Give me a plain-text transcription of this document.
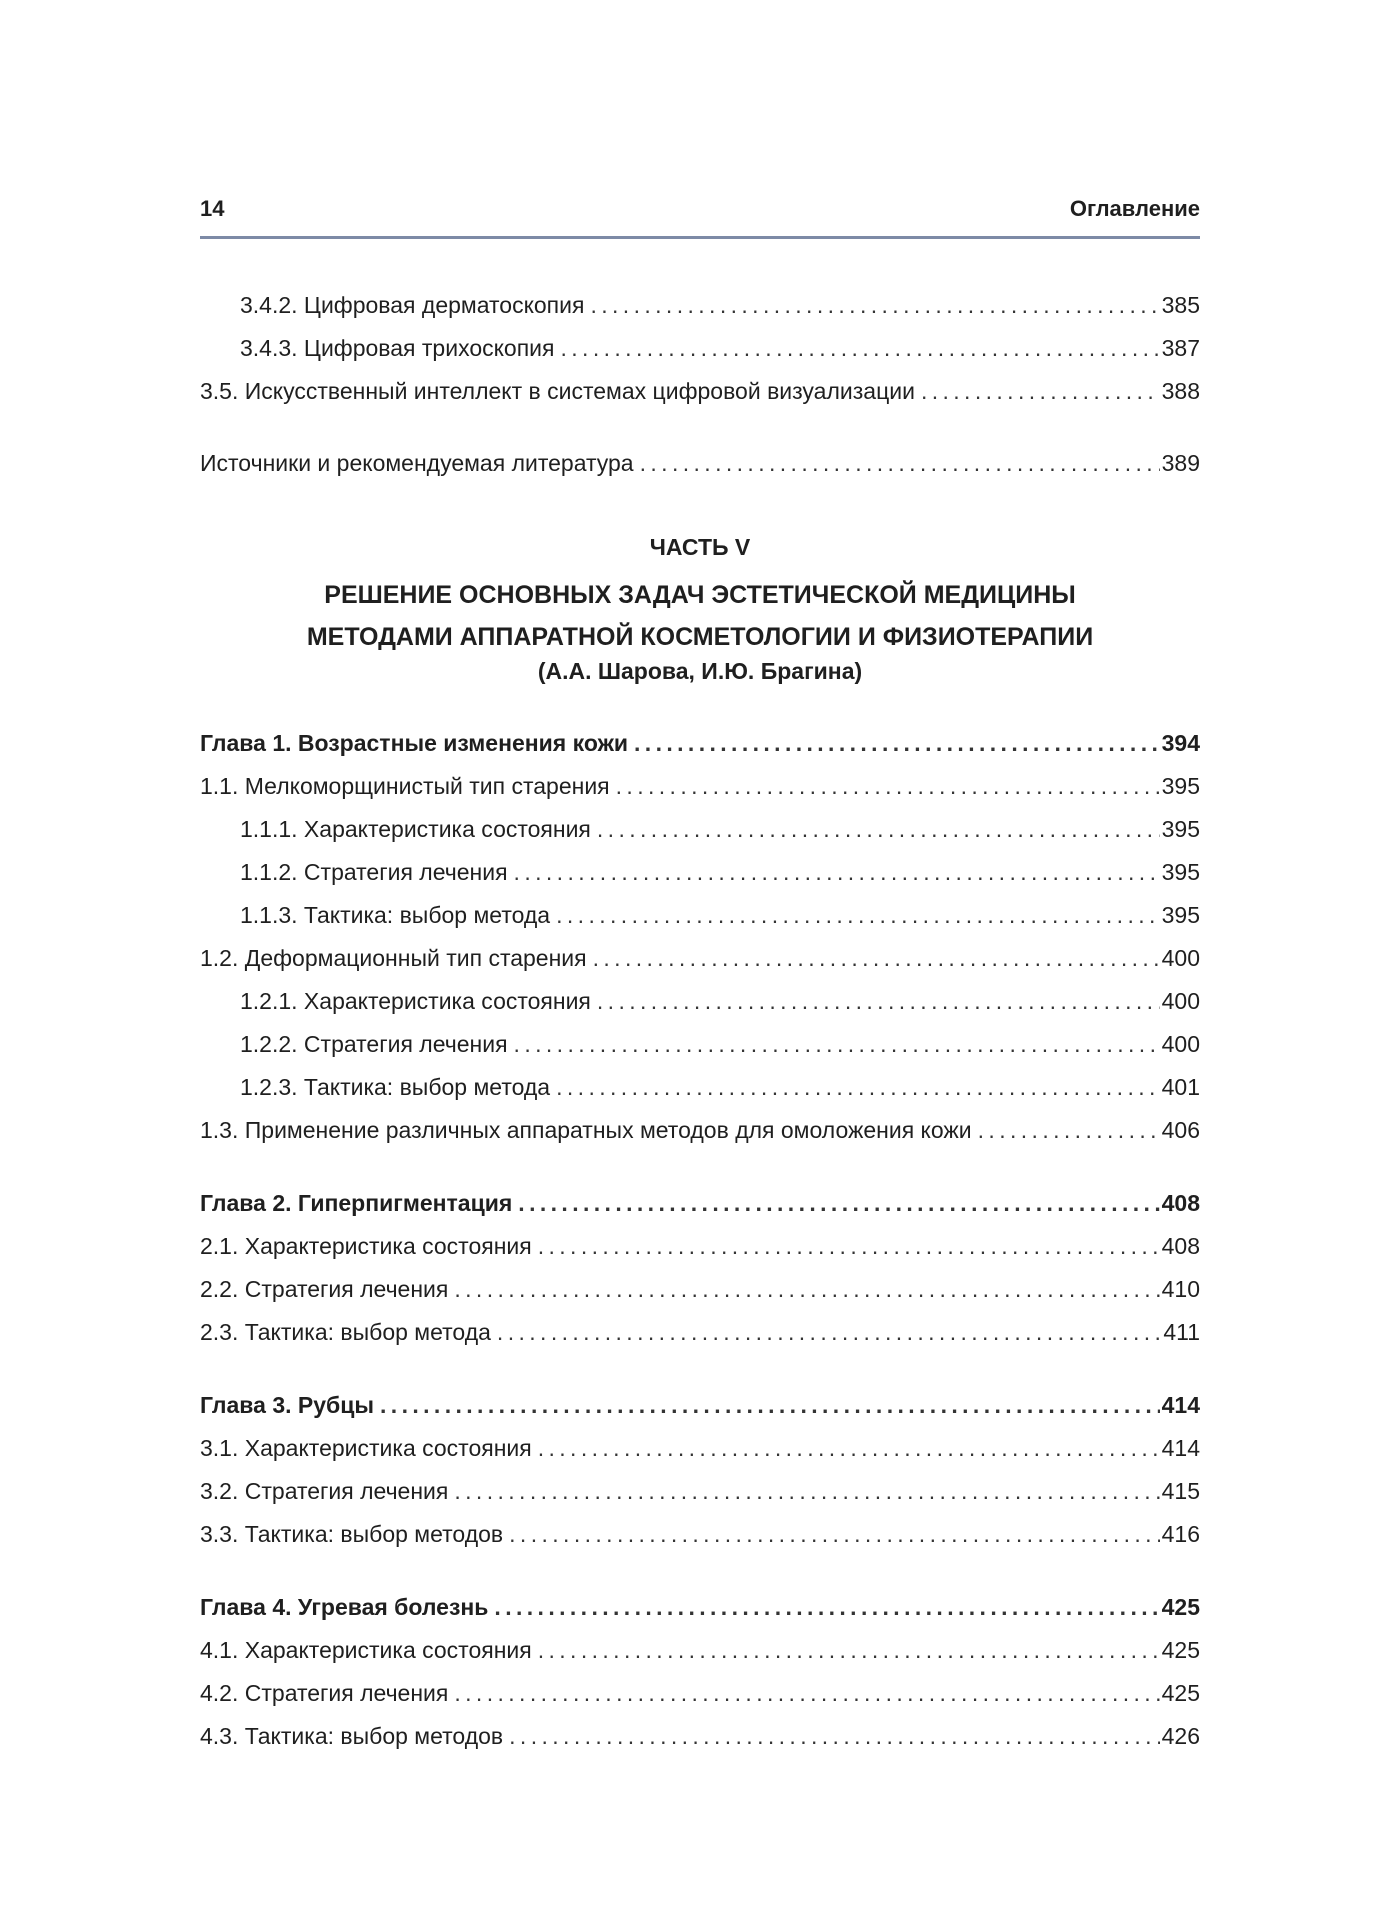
14	Оглавление
3.4.2. Цифровая дерматоскопия . . .	385
3.4.3. Цифровая трихоскопия . . .	387
3.5. Искусственный интеллект в системах цифровой визуализации . . .	388
Источники и рекомендуемая литература . . .	389
ЧАСТЬ V
РЕШЕНИЕ ОСНОВНЫХ ЗАДАЧ ЭСТЕТИЧЕСКОЙ МЕДИЦИНЫ
МЕТОДАМИ АППАРАТНОЙ КОСМЕТОЛОГИИ И ФИЗИОТЕРАПИИ
(А.А. Шарова, И.Ю. Брагина)
Глава 1. Возрастные изменения кожи . . .	394
1.1. Мелкоморщинистый тип старения . . .	395
1.1.1. Характеристика состояния . . .	395
1.1.2. Стратегия лечения . . .	395
1.1.3. Тактика: выбор метода . . .	395
1.2. Деформационный тип старения . . .	400
1.2.1. Характеристика состояния . . .	400
1.2.2. Стратегия лечения . . .	400
1.2.3. Тактика: выбор метода . . .	401
1.3. Применение различных аппаратных методов для омоложения кожи . . .	406
Глава 2. Гиперпигментация . . .	408
2.1. Характеристика состояния . . .	408
2.2. Стратегия лечения . . .	410
2.3. Тактика: выбор метода . . .	411
Глава 3. Рубцы . . .	414
3.1. Характеристика состояния . . .	414
3.2. Стратегия лечения . . .	415
3.3. Тактика: выбор методов . . .	416
Глава 4. Угревая болезнь . . .	425
4.1. Характеристика состояния . . .	425
4.2. Стратегия лечения . . .	425
4.3. Тактика: выбор методов . . .	426
